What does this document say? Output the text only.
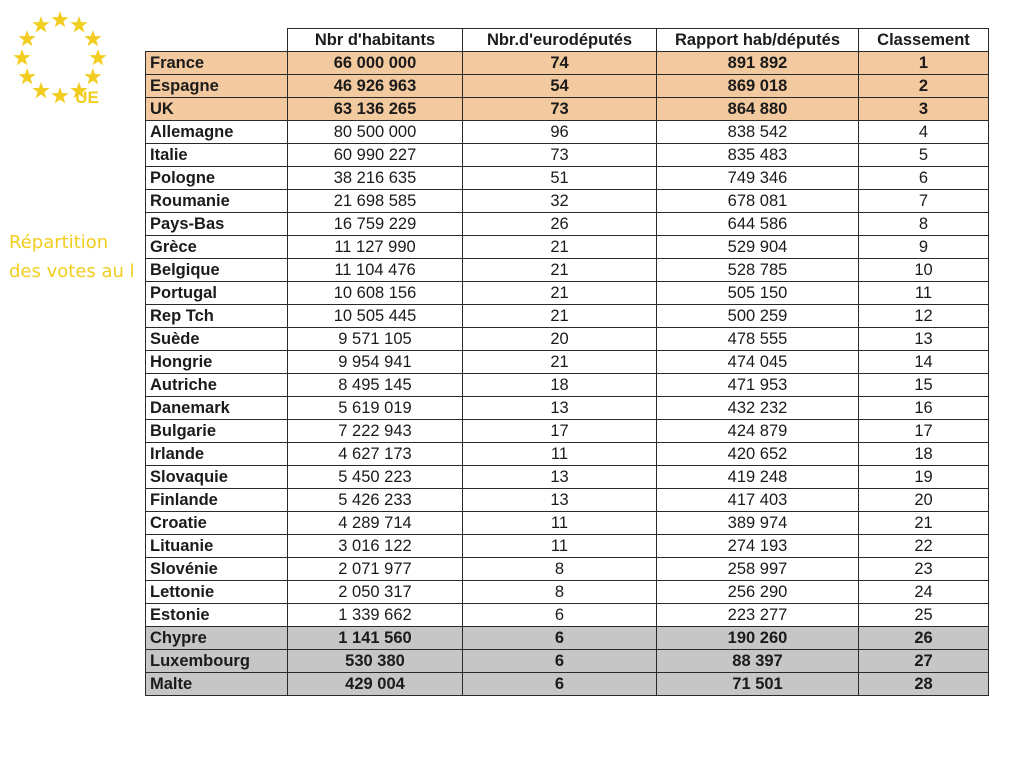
UE
Répartition
des votes au l
	Nbr d'habitants	Nbr.d'eurodéputés	Rapport hab/députés	Classement
France	66 000 000	74	891 892	1
Espagne	46 926 963	54	869 018	2
UK	63 136 265	73	864 880	3
Allemagne	80 500 000	96	838 542	4
Italie	60 990 227	73	835 483	5
Pologne	38 216 635	51	749 346	6
Roumanie	21 698 585	32	678 081	7
Pays-Bas	16 759 229	26	644 586	8
Grèce	11 127 990	21	529 904	9
Belgique	11 104 476	21	528 785	10
Portugal	10 608 156	21	505 150	11
Rep Tch	10 505 445	21	500 259	12
Suède	9 571 105	20	478 555	13
Hongrie	9 954 941	21	474 045	14
Autriche	8 495 145	18	471 953	15
Danemark	5 619 019	13	432 232	16
Bulgarie	7 222 943	17	424 879	17
Irlande	4 627 173	11	420 652	18
Slovaquie	5 450 223	13	419 248	19
Finlande	5 426 233	13	417 403	20
Croatie	4 289 714	11	389 974	21
Lituanie	3 016 122	11	274 193	22
Slovénie	2 071 977	8	258 997	23
Lettonie	2 050 317	8	256 290	24
Estonie	1 339 662	6	223 277	25
Chypre	1 141 560	6	190 260	26
Luxembourg	530 380	6	88 397	27
Malte	429 004	6	71 501	28
